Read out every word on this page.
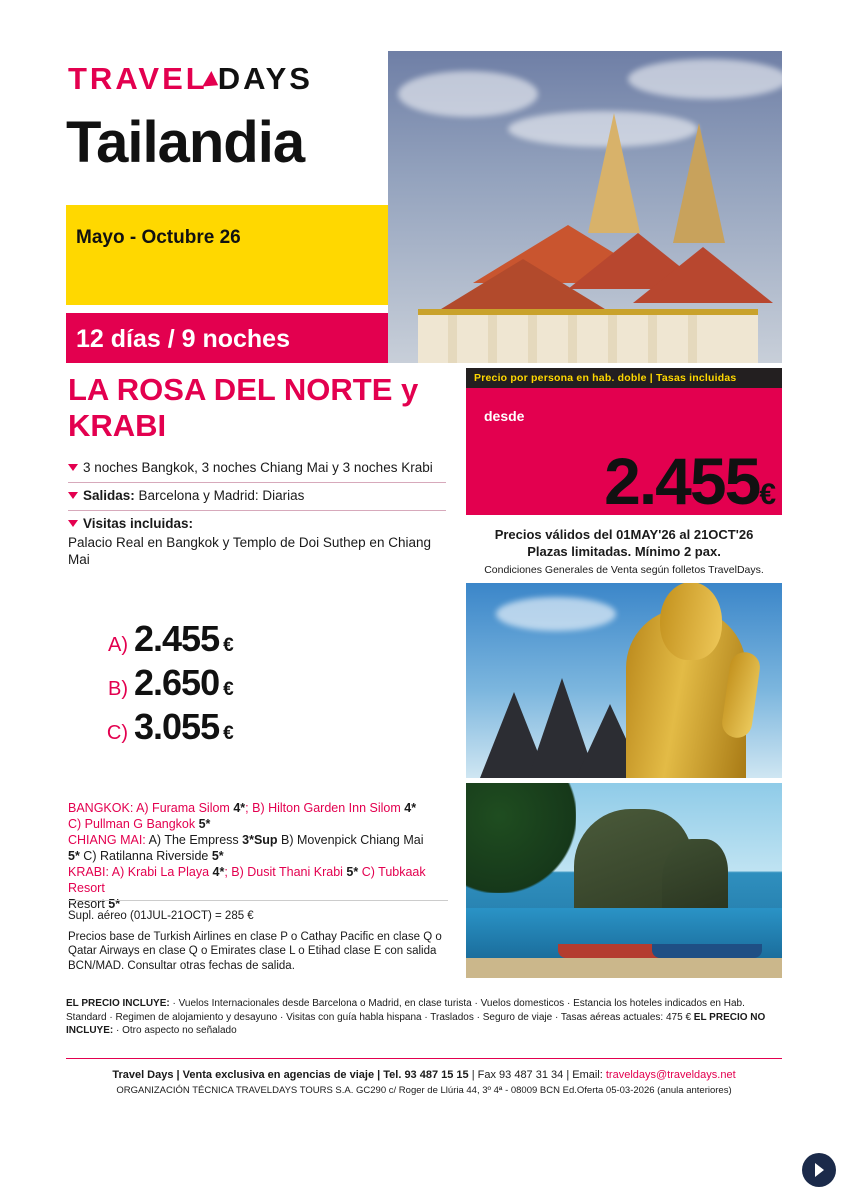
TRAVEL DAYS
Tailandia
Mayo - Octubre 26
12 días / 9 noches
LA ROSA DEL NORTE y KRABI
3 noches Bangkok, 3 noches Chiang Mai y 3 noches Krabi
Salidas: Barcelona y Madrid: Diarias
Visitas incluidas:
Palacio Real en Bangkok y Templo de Doi Suthep en Chiang Mai
A) 2.455 €
B) 2.650 €
C) 3.055 €
BANGKOK: A) Furama Silom 4*; B) Hilton Garden Inn Silom 4*
C) Pullman G Bangkok 5*
CHIANG MAI: A) The Empress 3*Sup B) Movenpick Chiang Mai
5* C) Ratilanna Riverside 5*
KRABI: A) Krabi La Playa 4*; B) Dusit Thani Krabi 5* C) Tubkaak Resort
Resort 5*

Supl. aéreo (01JUL-21OCT) = 285 €

Precios base de Turkish Airlines en clase P o Cathay Pacific en clase Q o Qatar Airways en clase Q o Emirates clase L o Etihad clase E con salida BCN/MAD. Consultar otras fechas de salida.

Precio por persona en hab. doble | Tasas incluidas
desde
2.455€
Precios válidos del 01MAY'26 al 21OCT'26
Plazas limitadas. Mínimo 2 pax.
Condiciones Generales de Venta según folletos TravelDays.
EL PRECIO INCLUYE: · Vuelos Internacionales desde Barcelona o Madrid, en clase turista · Vuelos domesticos · Estancia los hoteles indicados en Hab. Standard · Regimen de alojamiento y desayuno · Visitas con guía habla hispana · Traslados · Seguro de viaje · Tasas aéreas actuales: 475 € EL PRECIO NO INCLUYE: · Otro aspecto no señalado
Travel Days | Venta exclusiva en agencias de viaje | Tel. 93 487 15 15 | Fax 93 487 31 34 | Email: traveldays@traveldays.net
ORGANIZACIÓN TÉCNICA TRAVELDAYS TOURS S.A. GC290 c/ Roger de Llúria 44, 3º 4ª - 08009 BCN Ed.Oferta 05-03-2026 (anula anteriores)
